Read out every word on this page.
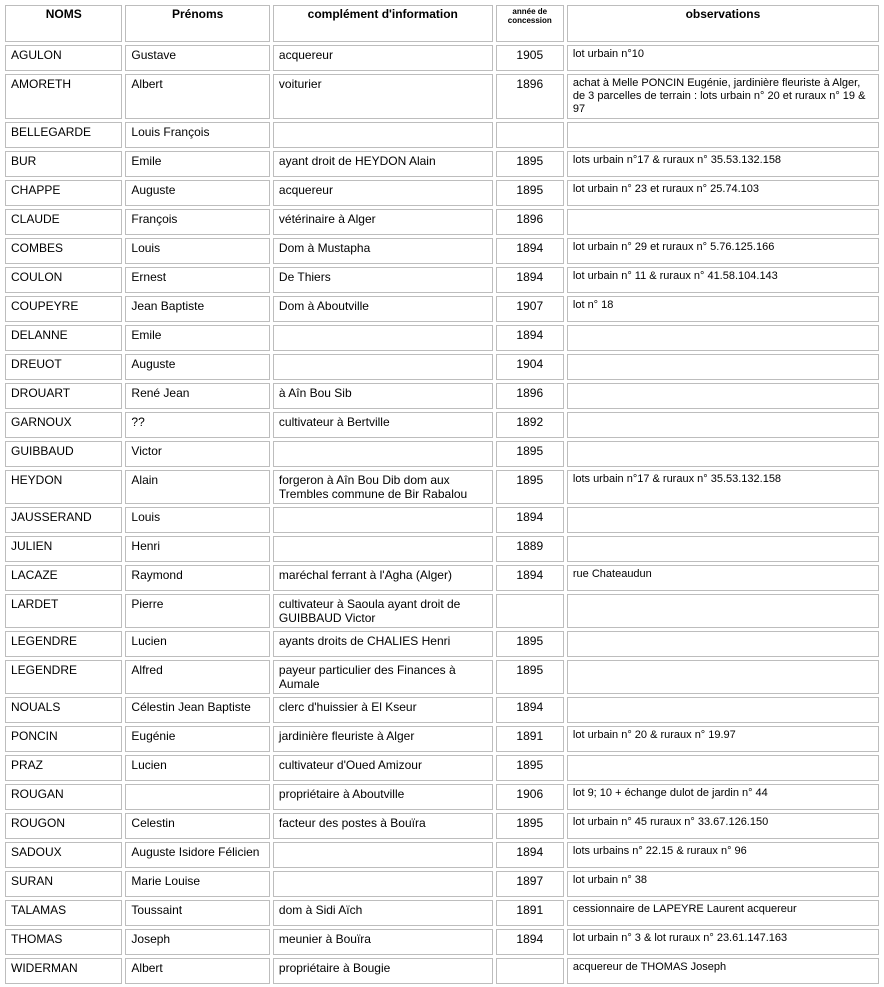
NOMS	Prénoms	complément d'information	année de concession	observations
AGULON	Gustave	acquereur	1905	lot urbain n°10
AMORETH	Albert	voiturier	1896	achat à Melle PONCIN Eugénie, jardinière fleuriste à Alger, de 3 parcelles de terrain : lots urbain n° 20 et ruraux n° 19 & 97
BELLEGARDE	Louis François			
BUR	Emile	ayant droit de HEYDON Alain	1895	lots urbain n°17 & ruraux n° 35.53.132.158
CHAPPE	Auguste	acquereur	1895	lot urbain n° 23 et ruraux n° 25.74.103
CLAUDE	François	vétérinaire à Alger	1896	
COMBES	Louis	Dom à Mustapha	1894	lot urbain n° 29 et ruraux n° 5.76.125.166
COULON	Ernest	De Thiers	1894	lot urbain n° 11 & ruraux n° 41.58.104.143
COUPEYRE	Jean Baptiste	Dom à Aboutville	1907	lot n° 18
DELANNE	Emile		1894	
DREUOT	Auguste		1904	
DROUART	René Jean	à Aîn Bou Sib	1896	
GARNOUX	??	cultivateur à Bertville	1892	
GUIBBAUD	Victor		1895	
HEYDON	Alain	forgeron à Aîn Bou Dib dom aux Trembles commune de Bir Rabalou	1895	lots urbain n°17 & ruraux n° 35.53.132.158
JAUSSERAND	Louis		1894	
JULIEN	Henri		1889	
LACAZE	Raymond	maréchal ferrant à l'Agha (Alger)	1894	rue Chateaudun
LARDET	Pierre	cultivateur à Saoula ayant droit de GUIBBAUD Victor		
LEGENDRE	Lucien	ayants droits de CHALIES Henri	1895	
LEGENDRE	Alfred	payeur particulier des Finances à Aumale	1895	
NOUALS	Célestin Jean Baptiste	clerc d'huissier à El Kseur	1894	
PONCIN	Eugénie	jardinière fleuriste à Alger	1891	lot urbain n° 20 & ruraux n° 19.97
PRAZ	Lucien	cultivateur d'Oued Amizour	1895	
ROUGAN		propriétaire à Aboutville	1906	lot 9; 10 + échange dulot de jardin n° 44
ROUGON	Celestin	facteur des postes à Bouïra	1895	lot urbain n° 45 ruraux n° 33.67.126.150
SADOUX	Auguste Isidore Félicien		1894	lots urbains n° 22.15 & ruraux n° 96
SURAN	Marie Louise		1897	lot urbain n° 38
TALAMAS	Toussaint	dom à Sidi Aïch	1891	cessionnaire de LAPEYRE Laurent acquereur
THOMAS	Joseph	meunier à Bouïra	1894	lot urbain n° 3 & lot ruraux n° 23.61.147.163
WIDERMAN	Albert	propriétaire à Bougie		acquereur de THOMAS Joseph
